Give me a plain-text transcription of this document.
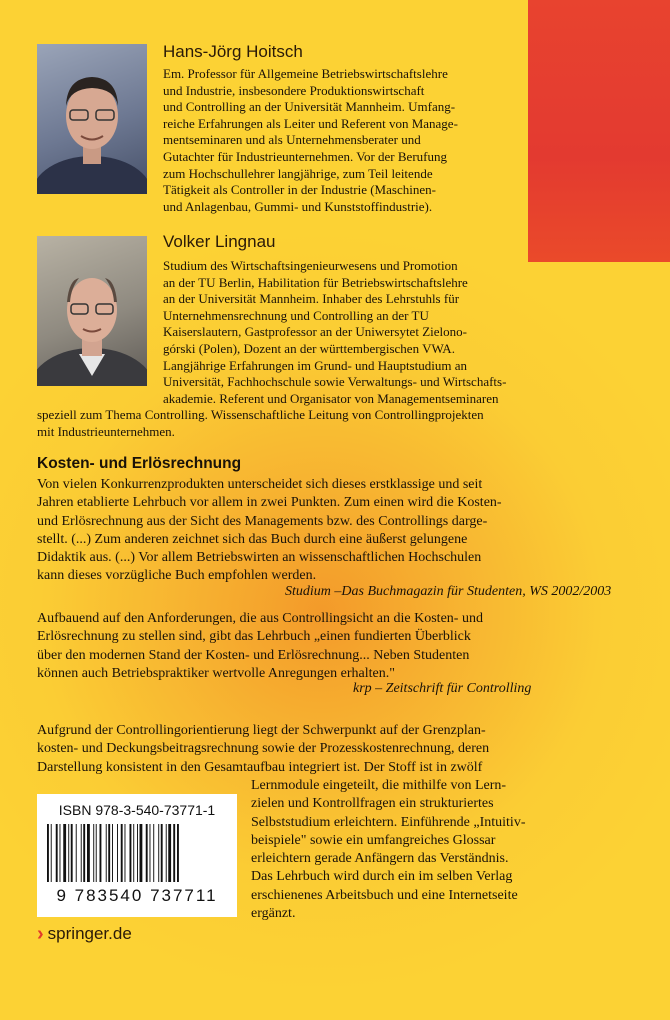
Hans-Jörg Hoitsch
Em. Professor für Allgemeine Betriebswirtschaftslehre
und Industrie, insbesondere Produktionswirtschaft
und Controlling an der Universität Mannheim. Umfang-
reiche Erfahrungen als Leiter und Referent von Manage-
mentseminaren und als Unternehmensberater und
Gutachter für Industrieunternehmen. Vor der Berufung
zum Hochschullehrer langjährige, zum Teil leitende
Tätigkeit als Controller in der Industrie (Maschinen-
und Anlagenbau, Gummi- und Kunststoffindustrie).
Volker Lingnau
Studium des Wirtschaftsingenieurwesens und Promotion
an der TU Berlin, Habilitation für Betriebswirtschaftslehre
an der Universität Mannheim. Inhaber des Lehrstuhls für
Unternehmensrechnung und Controlling an der TU
Kaiserslautern, Gastprofessor an der Uniwersytet Zielono-
górski (Polen), Dozent an der württembergischen VWA.
Langjährige Erfahrungen im Grund- und Hauptstudium an
Universität, Fachhochschule sowie Verwaltungs- und Wirtschafts-
akademie. Referent und Organisator von Managementseminaren
speziell zum Thema Controlling. Wissenschaftliche Leitung von Controllingprojekten
mit Industrieunternehmen.
Kosten- und Erlösrechnung
Von vielen Konkurrenzprodukten unterscheidet sich dieses erstklassige und seit
Jahren etablierte Lehrbuch vor allem in zwei Punkten. Zum einen wird die Kosten-
und Erlösrechnung aus der Sicht des Managements bzw. des Controllings darge-
stellt. (...) Zum anderen zeichnet sich das Buch durch eine äußerst gelungene
Didaktik aus. (...) Vor allem Betriebswirten an wissenschaftlichen Hochschulen
kann dieses vorzügliche Buch empfohlen werden.
Studium –Das Buchmagazin für Studenten, WS 2002/2003
Aufbauend auf den Anforderungen, die aus Controllingsicht an die Kosten- und
Erlösrechnung zu stellen sind, gibt das Lehrbuch „einen fundierten Überblick
über den modernen Stand der Kosten- und Erlösrechnung... Neben Studenten
können auch Betriebspraktiker wertvolle Anregungen erhalten."
krp – Zeitschrift für Controlling
Aufgrund der Controllingorientierung liegt der Schwerpunkt auf der Grenzplan-
kosten- und Deckungsbeitragsrechnung sowie der Prozesskostenrechnung, deren
Darstellung konsistent in den Gesamtaufbau integriert ist. Der Stoff ist in zwölf
Lernmodule eingeteilt, die mithilfe von Lern-
zielen und Kontrollfragen ein strukturiertes
Selbststudium erleichtern. Einführende „Intuitiv-
beispiele" sowie ein umfangreiches Glossar
erleichtern gerade Anfängern das Verständnis.
Das Lehrbuch wird durch ein im selben Verlag
erschienenes Arbeitsbuch und eine Internetseite
ergänzt.
ISBN 978-3-540-73771-1
9 783540 737711
› springer.de
